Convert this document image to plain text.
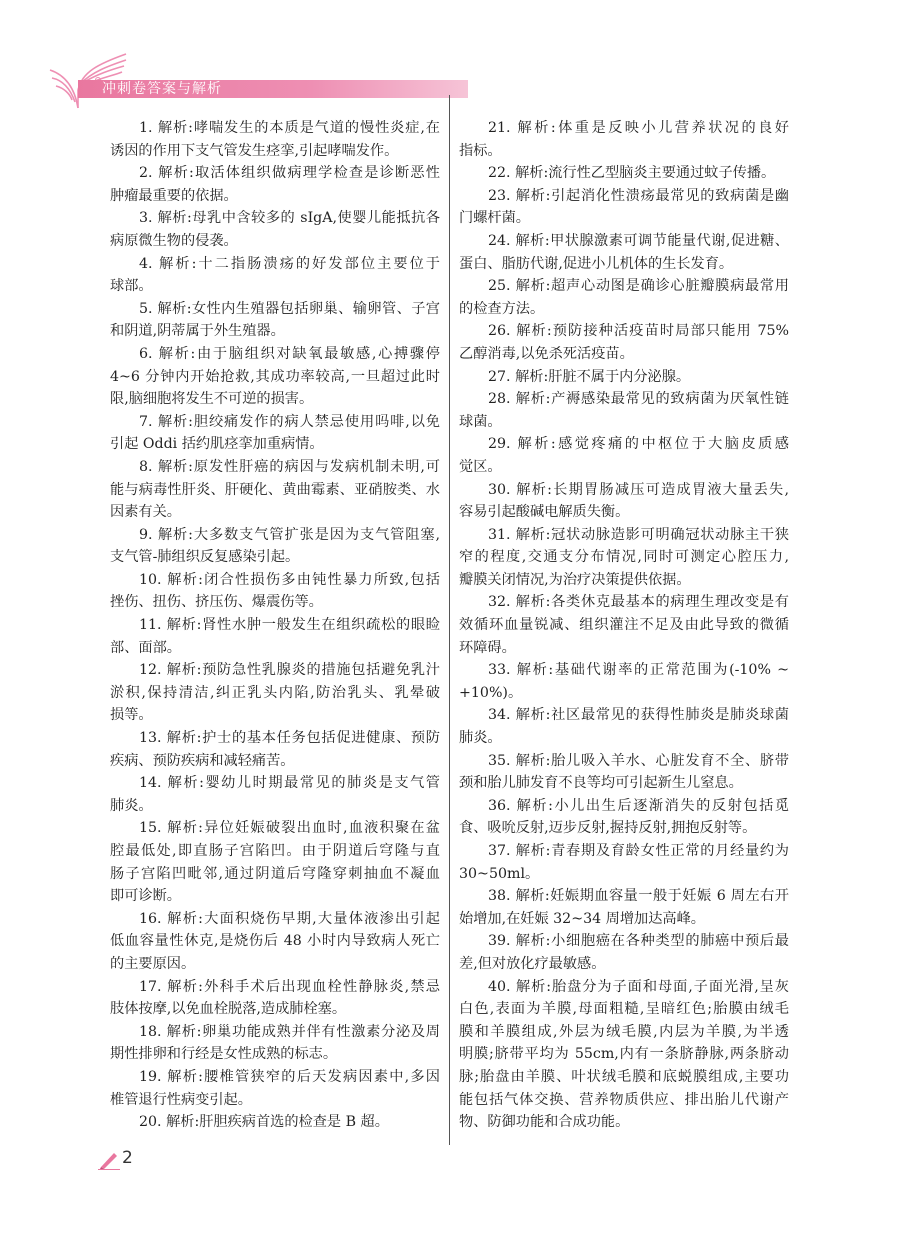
冲刺卷答案与解析
1. 解析:哮喘发生的本质是气道的慢性炎症,在
诱因的作用下支气管发生痉挛,引起哮喘发作。
2. 解析:取活体组织做病理学检查是诊断恶性
肿瘤最重要的依据。
3. 解析:母乳中含较多的 sIgA,使婴儿能抵抗各
病原微生物的侵袭。
4. 解析:十二指肠溃疡的好发部位主要位于
球部。
5. 解析:女性内生殖器包括卵巢、输卵管、子宫
和阴道,阴蒂属于外生殖器。
6. 解析:由于脑组织对缺氧最敏感,心搏骤停
4~6 分钟内开始抢救,其成功率较高,一旦超过此时
限,脑细胞将发生不可逆的损害。
7. 解析:胆绞痛发作的病人禁忌使用吗啡,以免
引起 Oddi 括约肌痉挛加重病情。
8. 解析:原发性肝癌的病因与发病机制未明,可
能与病毒性肝炎、肝硬化、黄曲霉素、亚硝胺类、水
因素有关。
9. 解析:大多数支气管扩张是因为支气管阻塞,
支气管-肺组织反复感染引起。
10. 解析:闭合性损伤多由钝性暴力所致,包括
挫伤、扭伤、挤压伤、爆震伤等。
11. 解析:肾性水肿一般发生在组织疏松的眼睑
部、面部。
12. 解析:预防急性乳腺炎的措施包括避免乳汁
淤积,保持清洁,纠正乳头内陷,防治乳头、乳晕破
损等。
13. 解析:护士的基本任务包括促进健康、预防
疾病、预防疾病和减轻痛苦。
14. 解析:婴幼儿时期最常见的肺炎是支气管
肺炎。
15. 解析:异位妊娠破裂出血时,血液积聚在盆
腔最低处,即直肠子宫陷凹。由于阴道后穹隆与直
肠子宫陷凹毗邻,通过阴道后穹隆穿刺抽血不凝血
即可诊断。
16. 解析:大面积烧伤早期,大量体液渗出引起
低血容量性休克,是烧伤后 48 小时内导致病人死亡
的主要原因。
17. 解析:外科手术后出现血栓性静脉炎,禁忌
肢体按摩,以免血栓脱落,造成肺栓塞。
18. 解析:卵巢功能成熟并伴有性激素分泌及周
期性排卵和行经是女性成熟的标志。
19. 解析:腰椎管狭窄的后天发病因素中,多因
椎管退行性病变引起。
20. 解析:肝胆疾病首选的检查是 B 超。
21. 解析:体重是反映小儿营养状况的良好
指标。
22. 解析:流行性乙型脑炎主要通过蚊子传播。
23. 解析:引起消化性溃疡最常见的致病菌是幽
门螺杆菌。
24. 解析:甲状腺激素可调节能量代谢,促进糖、
蛋白、脂肪代谢,促进小儿机体的生长发育。
25. 解析:超声心动图是确诊心脏瓣膜病最常用
的检查方法。
26. 解析:预防接种活疫苗时局部只能用 75%
乙醇消毒,以免杀死活疫苗。
27. 解析:肝脏不属于内分泌腺。
28. 解析:产褥感染最常见的致病菌为厌氧性链
球菌。
29. 解析:感觉疼痛的中枢位于大脑皮质感
觉区。
30. 解析:长期胃肠减压可造成胃液大量丢失,
容易引起酸碱电解质失衡。
31. 解析:冠状动脉造影可明确冠状动脉主干狭
窄的程度,交通支分布情况,同时可测定心腔压力,
瓣膜关闭情况,为治疗决策提供依据。
32. 解析:各类休克最基本的病理生理改变是有
效循环血量锐减、组织灌注不足及由此导致的微循
环障碍。
33. 解析:基础代谢率的正常范围为(-10% ~
+10%)。
34. 解析:社区最常见的获得性肺炎是肺炎球菌
肺炎。
35. 解析:胎儿吸入羊水、心脏发育不全、脐带
颈和胎儿肺发育不良等均可引起新生儿窒息。
36. 解析:小儿出生后逐渐消失的反射包括觅
食、吸吮反射,迈步反射,握持反射,拥抱反射等。
37. 解析:青春期及育龄女性正常的月经量约为
30~50ml。
38. 解析:妊娠期血容量一般于妊娠 6 周左右开
始增加,在妊娠 32~34 周增加达高峰。
39. 解析:小细胞癌在各种类型的肺癌中预后最
差,但对放化疗最敏感。
40. 解析:胎盘分为子面和母面,子面光滑,呈灰
白色,表面为羊膜,母面粗糙,呈暗红色;胎膜由绒毛
膜和羊膜组成,外层为绒毛膜,内层为羊膜,为半透
明膜;脐带平均为 55cm,内有一条脐静脉,两条脐动
脉;胎盘由羊膜、叶状绒毛膜和底蜕膜组成,主要功
能包括气体交换、营养物质供应、排出胎儿代谢产
物、防御功能和合成功能。
2
